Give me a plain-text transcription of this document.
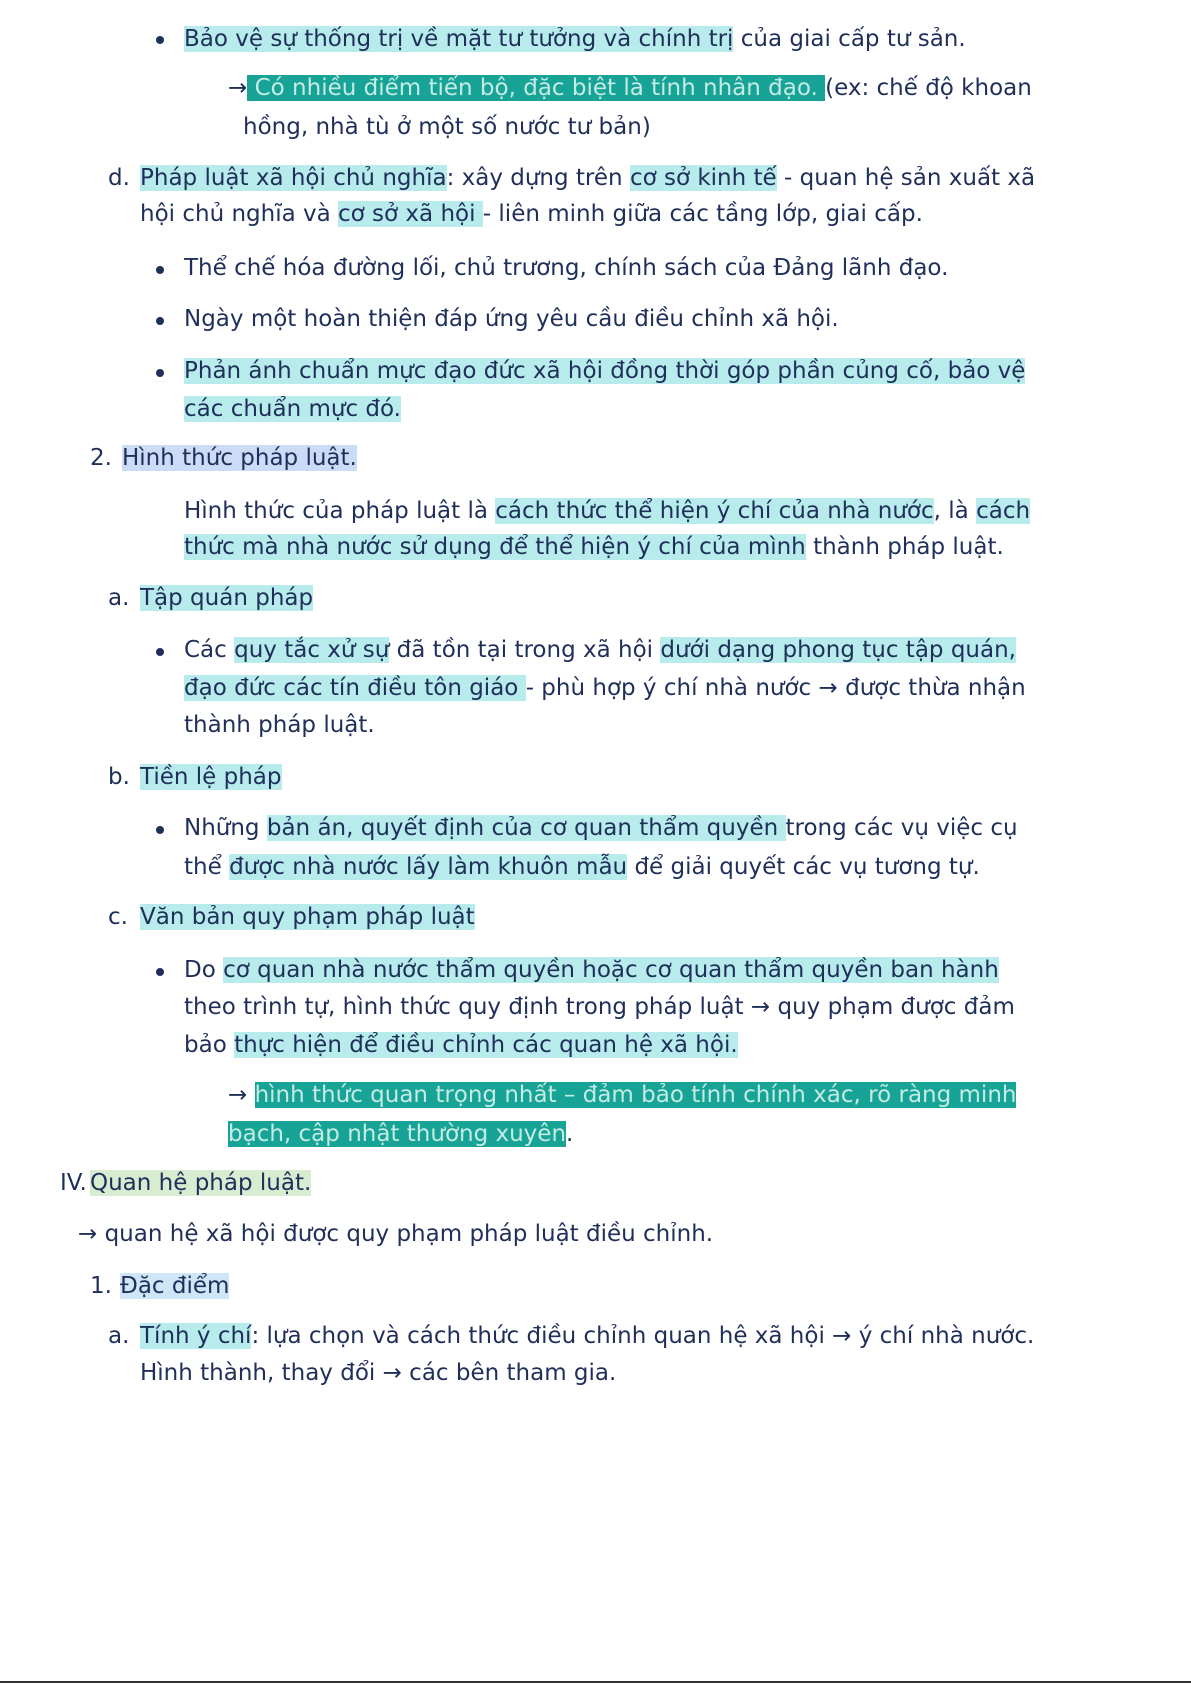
Bảo vệ sự thống trị về mặt tư tưởng và chính trị của giai cấp tư sản.
→ Có nhiều điểm tiến bộ, đặc biệt là tính nhân đạo. (ex: chế độ khoan
hồng, nhà tù ở một số nước tư bản)
d. Pháp luật xã hội chủ nghĩa: xây dựng trên cơ sở kinh tế - quan hệ sản xuất xã
hội chủ nghĩa và cơ sở xã hội - liên minh giữa các tầng lớp, giai cấp.
Thể chế hóa đường lối, chủ trương, chính sách của Đảng lãnh đạo.
Ngày một hoàn thiện đáp ứng yêu cầu điều chỉnh xã hội.
Phản ánh chuẩn mực đạo đức xã hội đồng thời góp phần củng cố, bảo vệ
các chuẩn mực đó.
2. Hình thức pháp luật.
Hình thức của pháp luật là cách thức thể hiện ý chí của nhà nước, là cách
thức mà nhà nước sử dụng để thể hiện ý chí của mình thành pháp luật.
a. Tập quán pháp
Các quy tắc xử sự đã tồn tại trong xã hội dưới dạng phong tục tập quán,
đạo đức các tín điều tôn giáo - phù hợp ý chí nhà nước → được thừa nhận
thành pháp luật.
b. Tiền lệ pháp
Những bản án, quyết định của cơ quan thẩm quyền trong các vụ việc cụ
thể được nhà nước lấy làm khuôn mẫu để giải quyết các vụ tương tự.
c. Văn bản quy phạm pháp luật
Do cơ quan nhà nước thẩm quyền hoặc cơ quan thẩm quyền ban hành
theo trình tự, hình thức quy định trong pháp luật → quy phạm được đảm
bảo thực hiện để điều chỉnh các quan hệ xã hội.
→ hình thức quan trọng nhất – đảm bảo tính chính xác, rõ ràng minh
bạch, cập nhật thường xuyên.
IV. Quan hệ pháp luật.
→ quan hệ xã hội được quy phạm pháp luật điều chỉnh.
1. Đặc điểm
a. Tính ý chí: lựa chọn và cách thức điều chỉnh quan hệ xã hội → ý chí nhà nước.
Hình thành, thay đổi → các bên tham gia.
